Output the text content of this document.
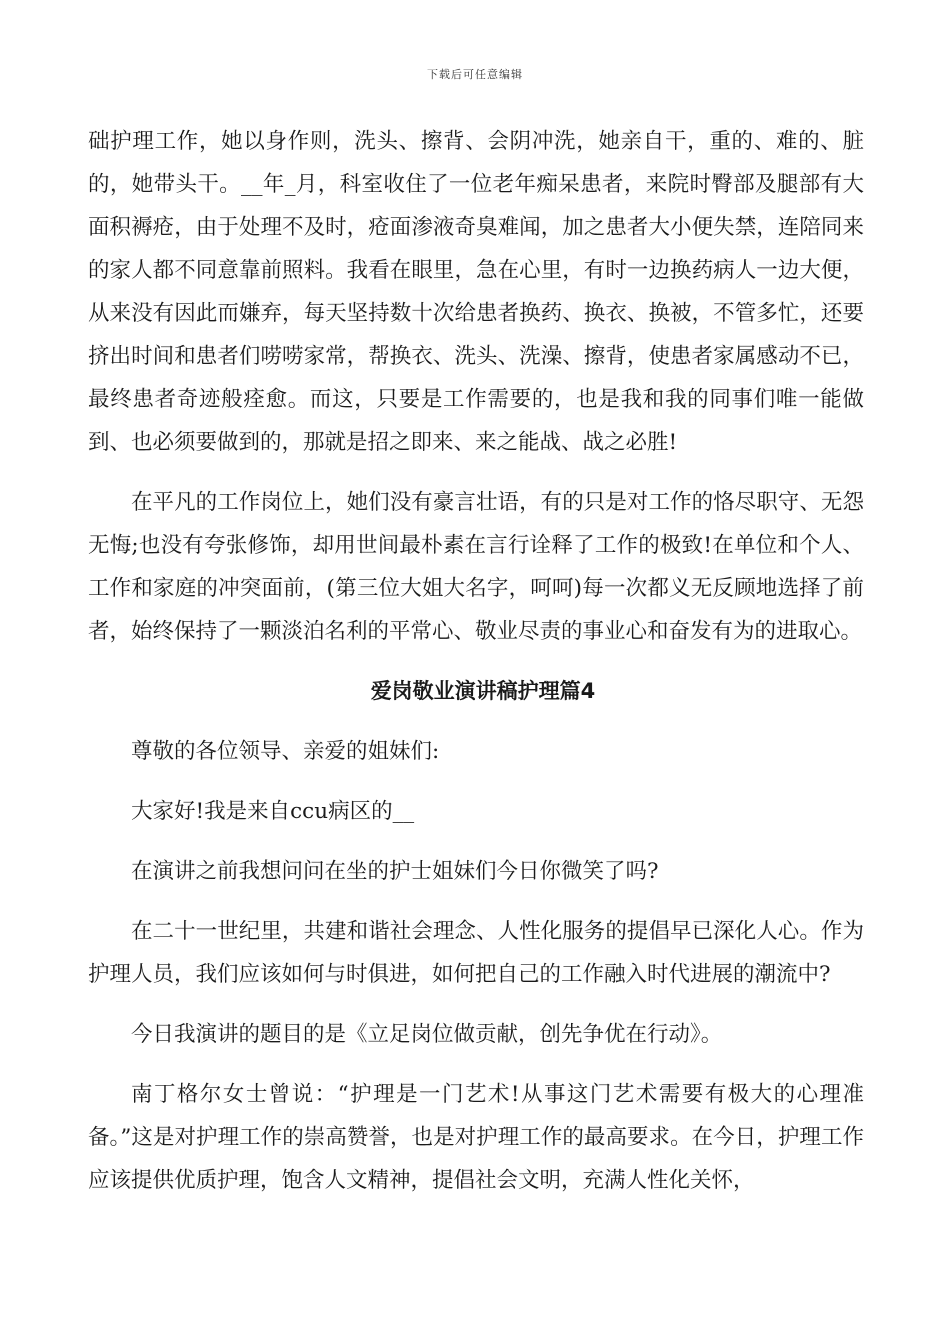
下载后可任意编辑

础护理工作，她以身作则，洗头、擦背、会阴冲洗，她亲自干，重的、难的、脏的，她带头干。__年_月，科室收住了一位老年痴呆患者，来院时臀部及腿部有大面积褥疮，由于处理不及时，疮面渗液奇臭难闻，加之患者大小便失禁，连陪同来的家人都不同意靠前照料。我看在眼里，急在心里，有时一边换药病人一边大便，从来没有因此而嫌弃，每天坚持数十次给患者换药、换衣、换被，不管多忙，还要挤出时间和患者们唠唠家常，帮换衣、洗头、洗澡、擦背，使患者家属感动不已，最终患者奇迹般痊愈。而这，只要是工作需要的，也是我和我的同事们唯一能做到、也必须要做到的，那就是招之即来、来之能战、战之必胜!

在平凡的工作岗位上，她们没有豪言壮语，有的只是对工作的恪尽职守、无怨无悔;也没有夸张修饰，却用世间最朴素在言行诠释了工作的极致!在单位和个人、工作和家庭的冲突面前，(第三位大姐大名字，呵呵)每一次都义无反顾地选择了前者，始终保持了一颗淡泊名利的平常心、敬业尽责的事业心和奋发有为的进取心。

爱岗敬业演讲稿护理篇4

尊敬的各位领导、亲爱的姐妹们:

大家好!我是来自ccu病区的__

在演讲之前我想问问在坐的护士姐妹们今日你微笑了吗?

在二十一世纪里，共建和谐社会理念、人性化服务的提倡早已深化人心。作为护理人员，我们应该如何与时俱进，如何把自己的工作融入时代进展的潮流中?

今日我演讲的题目的是《立足岗位做贡献，创先争优在行动》。

南丁格尔女士曾说：“护理是一门艺术!从事这门艺术需要有极大的心理准备。”这是对护理工作的崇高赞誉，也是对护理工作的最高要求。在今日，护理工作应该提供优质护理，饱含人文精神，提倡社会文明，充满人性化关怀，
